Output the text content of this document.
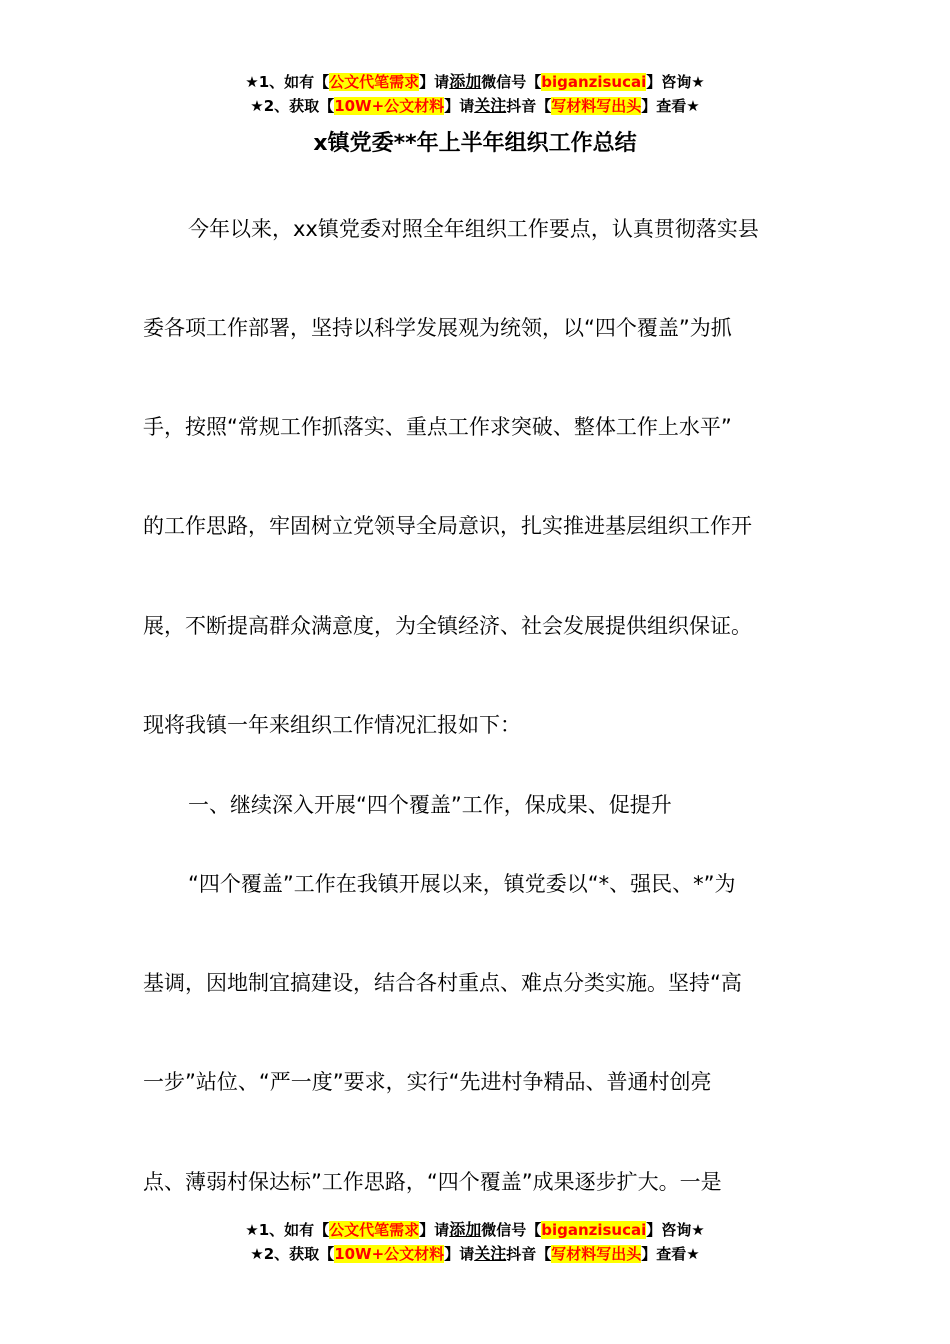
★1、如有【公文代笔需求】请添加微信号【biganzisucai】咨询★
★2、获取【10W+公文材料】请关注抖音【写材料写出头】查看★
x镇党委**年上半年组织工作总结
今年以来，xx镇党委对照全年组织工作要点，认真贯彻落实县
委各项工作部署，坚持以科学发展观为统领，以“四个覆盖”为抓
手，按照“常规工作抓落实、重点工作求突破、整体工作上水平”
的工作思路，牢固树立党领导全局意识，扎实推进基层组织工作开
展，不断提高群众满意度，为全镇经济、社会发展提供组织保证。
现将我镇一年来组织工作情况汇报如下：
一、继续深入开展“四个覆盖”工作，保成果、促提升
“四个覆盖”工作在我镇开展以来，镇党委以“*、强民、*”为
基调，因地制宜搞建设，结合各村重点、难点分类实施。坚持“高
一步”站位、“严一度”要求，实行“先进村争精品、普通村创亮
点、薄弱村保达标”工作思路，“四个覆盖”成果逐步扩大。一是
★1、如有【公文代笔需求】请添加微信号【biganzisucai】咨询★
★2、获取【10W+公文材料】请关注抖音【写材料写出头】查看★
